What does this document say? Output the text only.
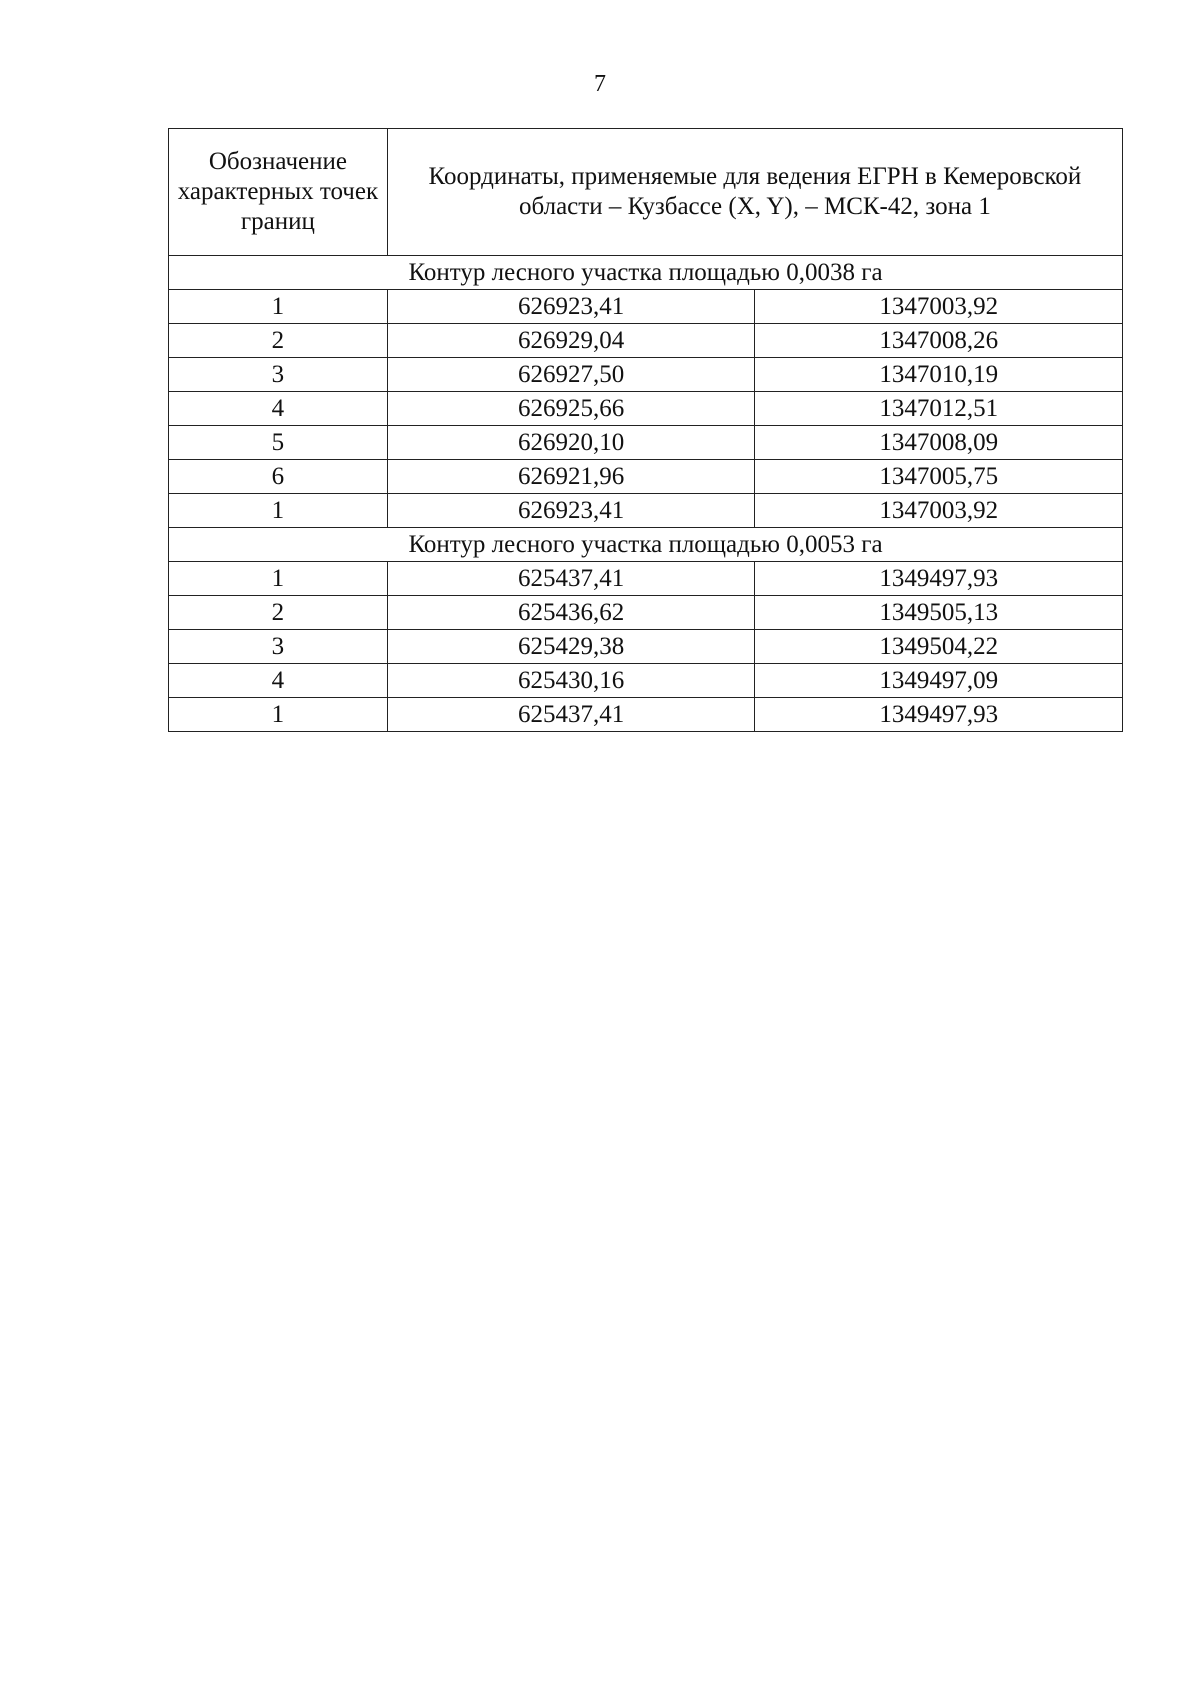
7
Обозначение характерных точек границ	Координаты, применяемые для ведения ЕГРН в Кемеровской области – Кузбассе (X, Y), – МСК-42, зона 1	
Контур лесного участка площадью 0,0038 га		
1	626923,41	1347003,92
2	626929,04	1347008,26
3	626927,50	1347010,19
4	626925,66	1347012,51
5	626920,10	1347008,09
6	626921,96	1347005,75
1	626923,41	1347003,92
Контур лесного участка площадью 0,0053 га		
1	625437,41	1349497,93
2	625436,62	1349505,13
3	625429,38	1349504,22
4	625430,16	1349497,09
1	625437,41	1349497,93
